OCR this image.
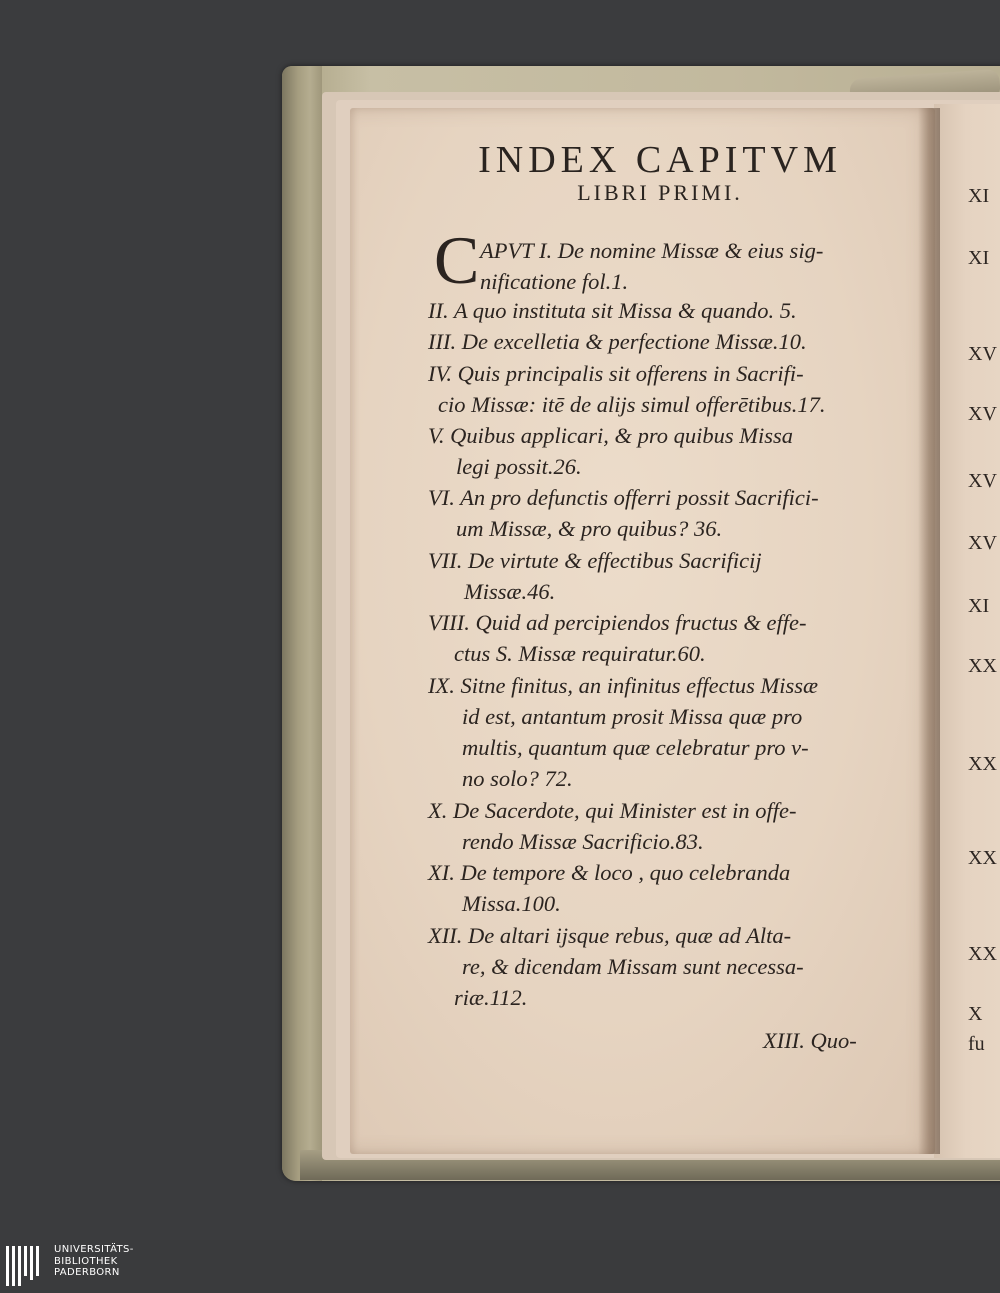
INDEX CAPITVM
LIBRI PRIMI.
C APVT I. De nomine Missæ & eius sig-
nificatione fol.1.
II. A quo instituta sit Missa & quando. 5.
III. De excelletia & perfectione Missæ.10.
IV. Quis principalis sit offerens in Sacrifi-
cio Missæ: itē de alijs simul offerētibus.17.
V. Quibus applicari, & pro quibus Missa
legi possit.26.
VI. An pro defunctis offerri possit Sacrifici-
um Missæ, & pro quibus? 36.
VII. De virtute & effectibus Sacrificij
Missæ.46.
VIII. Quid ad percipiendos fructus & effe-
ctus S. Missæ requiratur.60.
IX. Sitne finitus, an infinitus effectus Missæ
id est, antantum prosit Missa quæ pro
multis, quantum quæ celebratur pro v-
no solo? 72.
X. De Sacerdote, qui Minister est in offe-
rendo Missæ Sacrificio.83.
XI. De tempore & loco , quo celebranda
Missa.100.
XII. De altari ijsque rebus, quæ ad Alta-
re, & dicendam Missam sunt necessa-
riæ.112.
XIII. Quo-
XI
XI
XV
XV
XV
XV
XI
XX
XX
XX
XX
X
fu
UNIVERSITÄTS-
BIBLIOTHEK
PADERBORN
